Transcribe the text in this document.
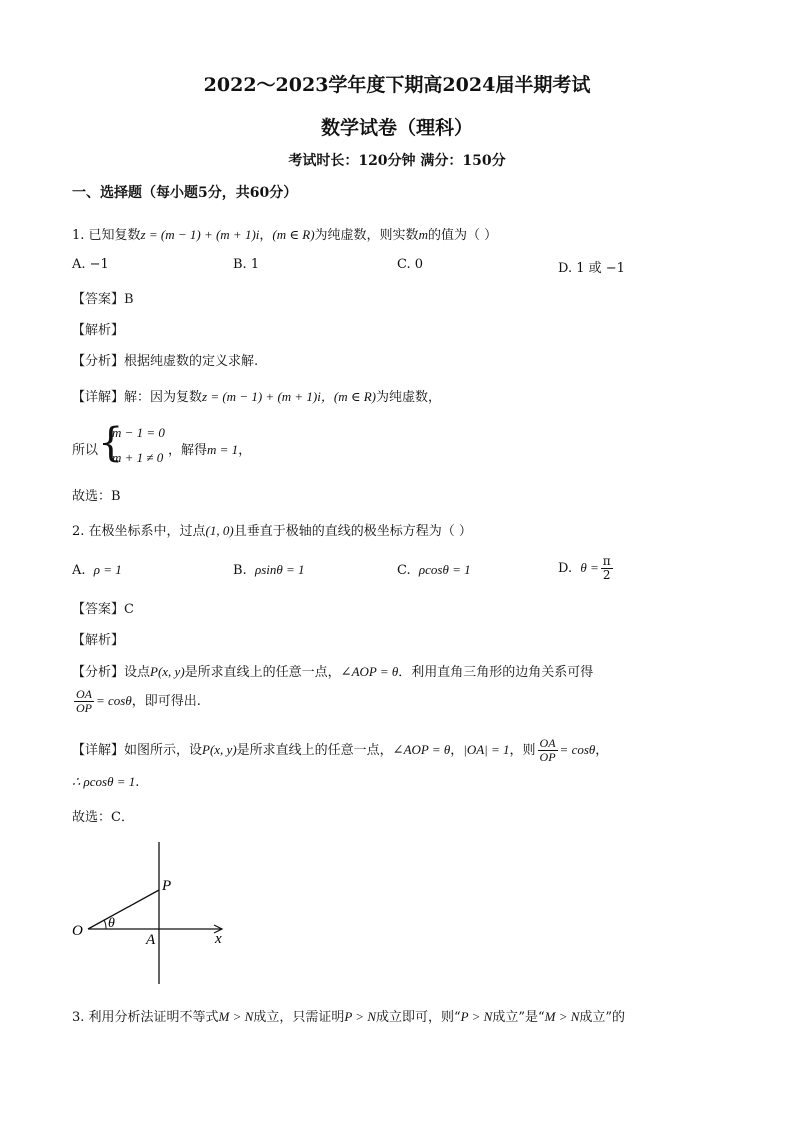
2022～2023学年度下期高2024届半期考试
数学试卷（理科）
考试时长：120分钟 满分：150分
一、选择题（每小题5分，共60分）
1. 已知复数z = (m − 1) + (m + 1)i，(m ∈ R)为纯虚数，则实数m的值为（ ）
A. −1	B. 1	C. 0	D. 1 或 −1
【答案】B
【解析】
【分析】根据纯虚数的定义求解.
【详解】解：因为复数z = (m − 1) + (m + 1)i，(m ∈ R)为纯虚数，
所以 {
m − 1 = 0
m + 1 ≠ 0 ，解得m = 1，
故选：B
2. 在极坐标系中，过点(1, 0)且垂直于极轴的直线的极坐标方程为（ ）
A. ρ = 1	B. ρsinθ = 1	C. ρcosθ = 1	D. $\theta = \frac{\pi}{2}$
【答案】C
【解析】
【分析】设点P(x, y)是所求直线上的任意一点，∠AOP = θ．利用直角三角形的边角关系可得
$\frac{OA}{OP} = \cos\theta$，即可得出.
【详解】如图所示，设P(x, y)是所求直线上的任意一点，∠AOP = θ，|OA| = 1，则 $\frac{OA}{OP} = \cos\theta$，
∴ ρcosθ = 1.
故选：C．
O
P
A	x
θ
3. 利用分析法证明不等式M > N成立，只需证明P > N成立即可，则“P > N成立”是“M > N成立”的
